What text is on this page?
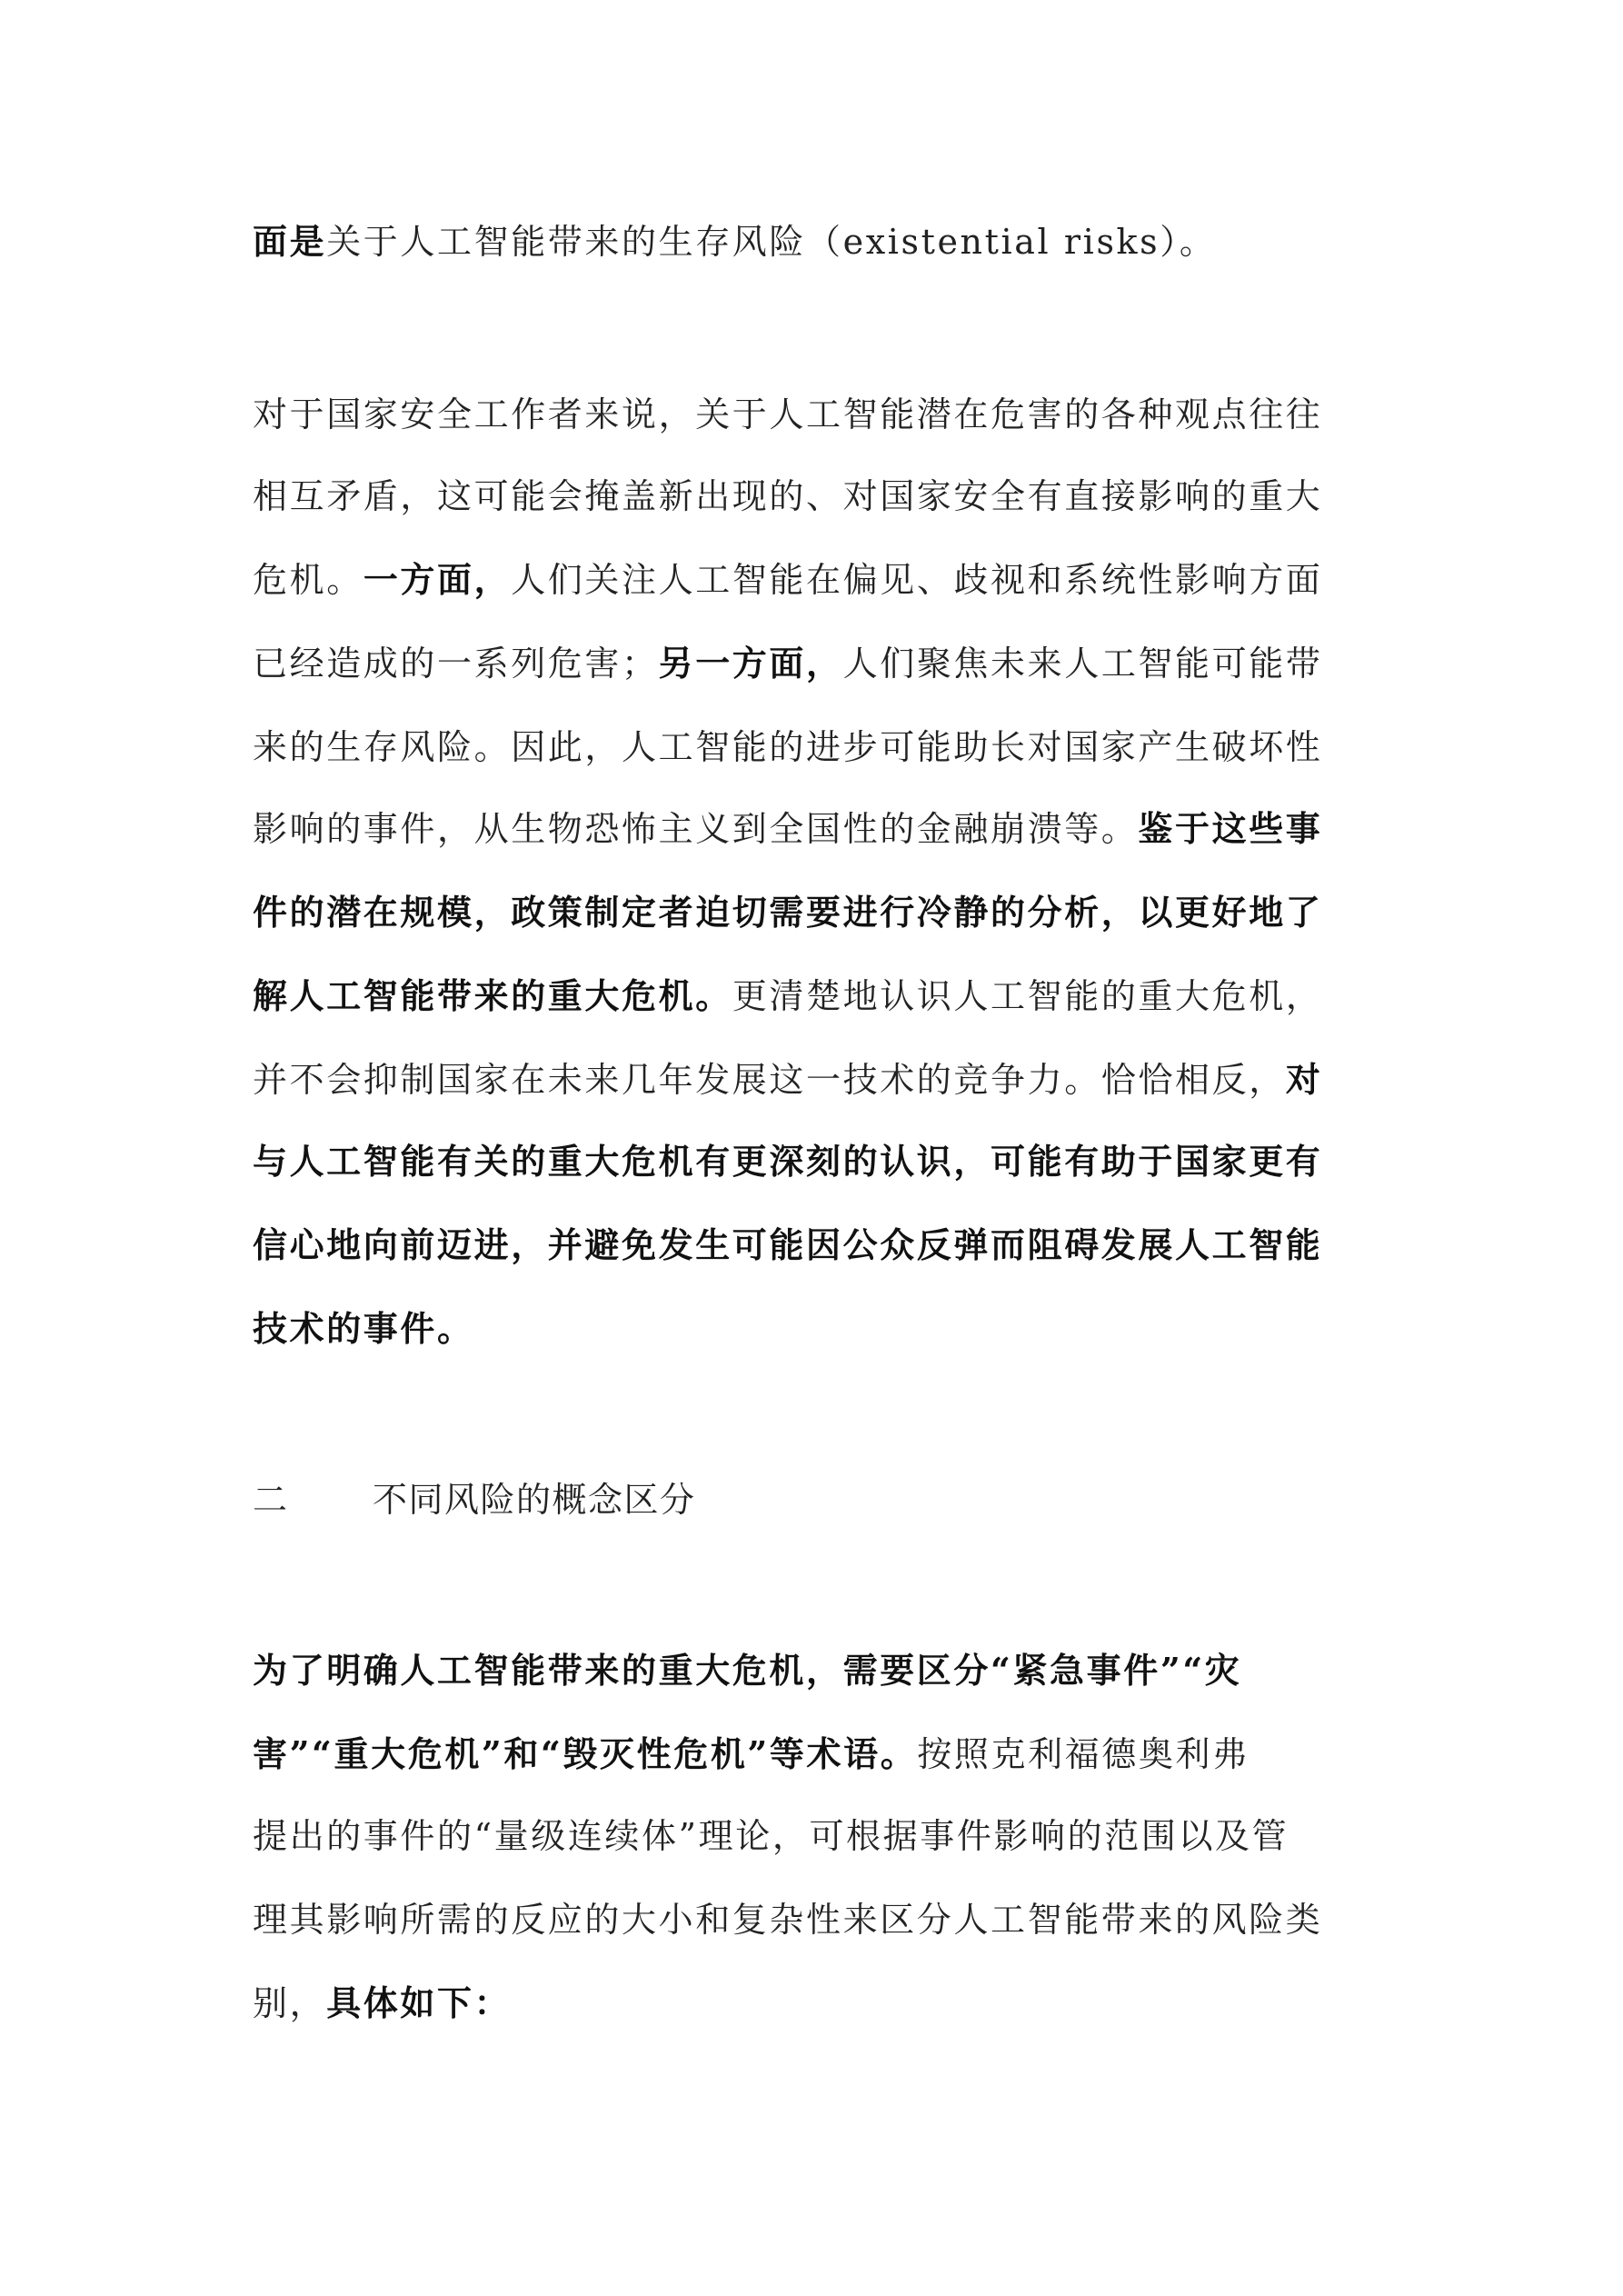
面是关于人工智能带来的生存风险（existential risks）。
对于国家安全工作者来说，关于人工智能潜在危害的各种观点往往
相互矛盾，这可能会掩盖新出现的、对国家安全有直接影响的重大
危机。一方面，人们关注人工智能在偏见、歧视和系统性影响方面
已经造成的一系列危害；另一方面，人们聚焦未来人工智能可能带
来的生存风险。因此，人工智能的进步可能助长对国家产生破坏性
影响的事件，从生物恐怖主义到全国性的金融崩溃等。鉴于这些事
件的潜在规模，政策制定者迫切需要进行冷静的分析，以更好地了
解人工智能带来的重大危机。更清楚地认识人工智能的重大危机，
并不会抑制国家在未来几年发展这一技术的竞争力。恰恰相反，对
与人工智能有关的重大危机有更深刻的认识，可能有助于国家更有
信心地向前迈进，并避免发生可能因公众反弹而阻碍发展人工智能
技术的事件。
二 不同风险的概念区分
为了明确人工智能带来的重大危机，需要区分“紧急事件”“灾
害”“重大危机”和“毁灭性危机”等术语。按照克利福德奥利弗
提出的事件的“量级连续体”理论，可根据事件影响的范围以及管
理其影响所需的反应的大小和复杂性来区分人工智能带来的风险类
别，具体如下：
